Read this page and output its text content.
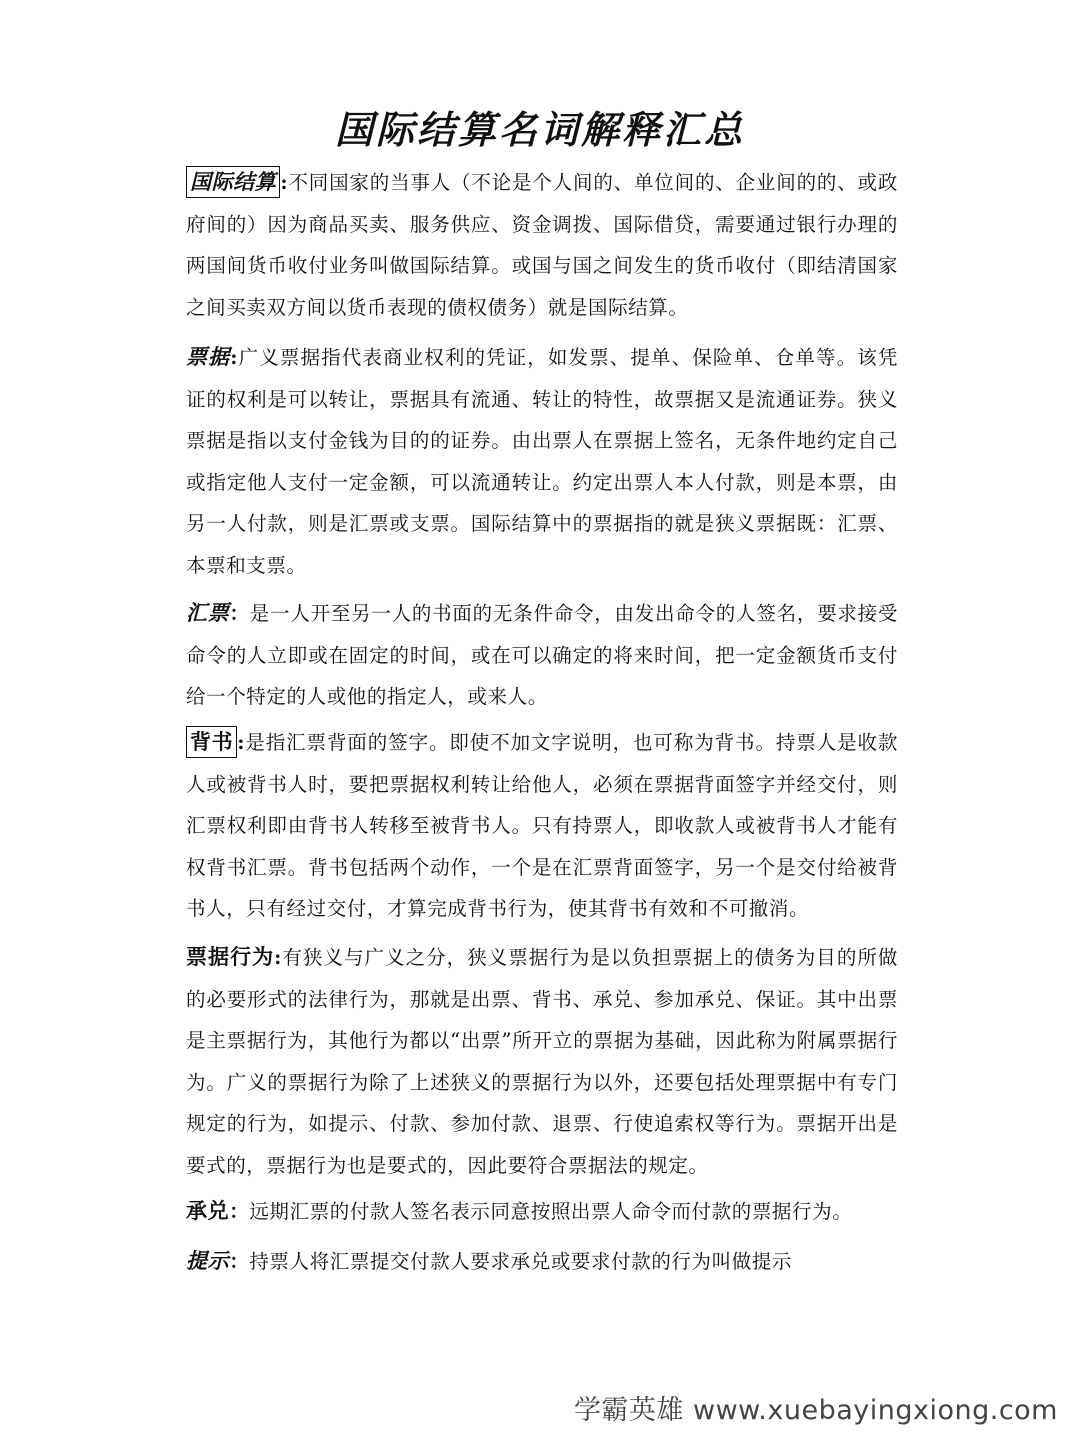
国际结算名词解释汇总

国际结算 :不同国家的当事人（不论是个人间的、单位间的、企业间的的、或政府间的）因为商品买卖、服务供应、资金调拨、国际借贷，需要通过银行办理的两国间货币收付业务叫做国际结算。或国与国之间发生的货币收付（即结清国家之间买卖双方间以货币表现的债权债务）就是国际结算。

票据:广义票据指代表商业权利的凭证，如发票、提单、保险单、仓单等。该凭证的权利是可以转让，票据具有流通、转让的特性，故票据又是流通证券。狭义票据是指以支付金钱为目的的证券。由出票人在票据上签名，无条件地约定自己或指定他人支付一定金额，可以流通转让。约定出票人本人付款，则是本票，由另一人付款，则是汇票或支票。国际结算中的票据指的就是狭义票据既：汇票、本票和支票。

汇票：是一人开至另一人的书面的无条件命令，由发出命令的人签名，要求接受命令的人立即或在固定的时间，或在可以确定的将来时间，把一定金额货币支付给一个特定的人或他的指定人，或来人。

背书 :是指汇票背面的签字。即使不加文字说明，也可称为背书。持票人是收款人或被背书人时，要把票据权利转让给他人，必须在票据背面签字并经交付，则汇票权利即由背书人转移至被背书人。只有持票人，即收款人或被背书人才能有权背书汇票。背书包括两个动作，一个是在汇票背面签字，另一个是交付给被背书人，只有经过交付，才算完成背书行为，使其背书有效和不可撤消。

票据行为:有狭义与广义之分，狭义票据行为是以负担票据上的债务为目的所做的必要形式的法律行为，那就是出票、背书、承兑、参加承兑、保证。其中出票是主票据行为，其他行为都以“出票”所开立的票据为基础，因此称为附属票据行为。广义的票据行为除了上述狭义的票据行为以外，还要包括处理票据中有专门规定的行为，如提示、付款、参加付款、退票、行使追索权等行为。票据开出是要式的，票据行为也是要式的，因此要符合票据法的规定。

承兑：远期汇票的付款人签名表示同意按照出票人命令而付款的票据行为。

提示：持票人将汇票提交付款人要求承兑或要求付款的行为叫做提示

学霸英雄 www.xuebayingxiong.com
